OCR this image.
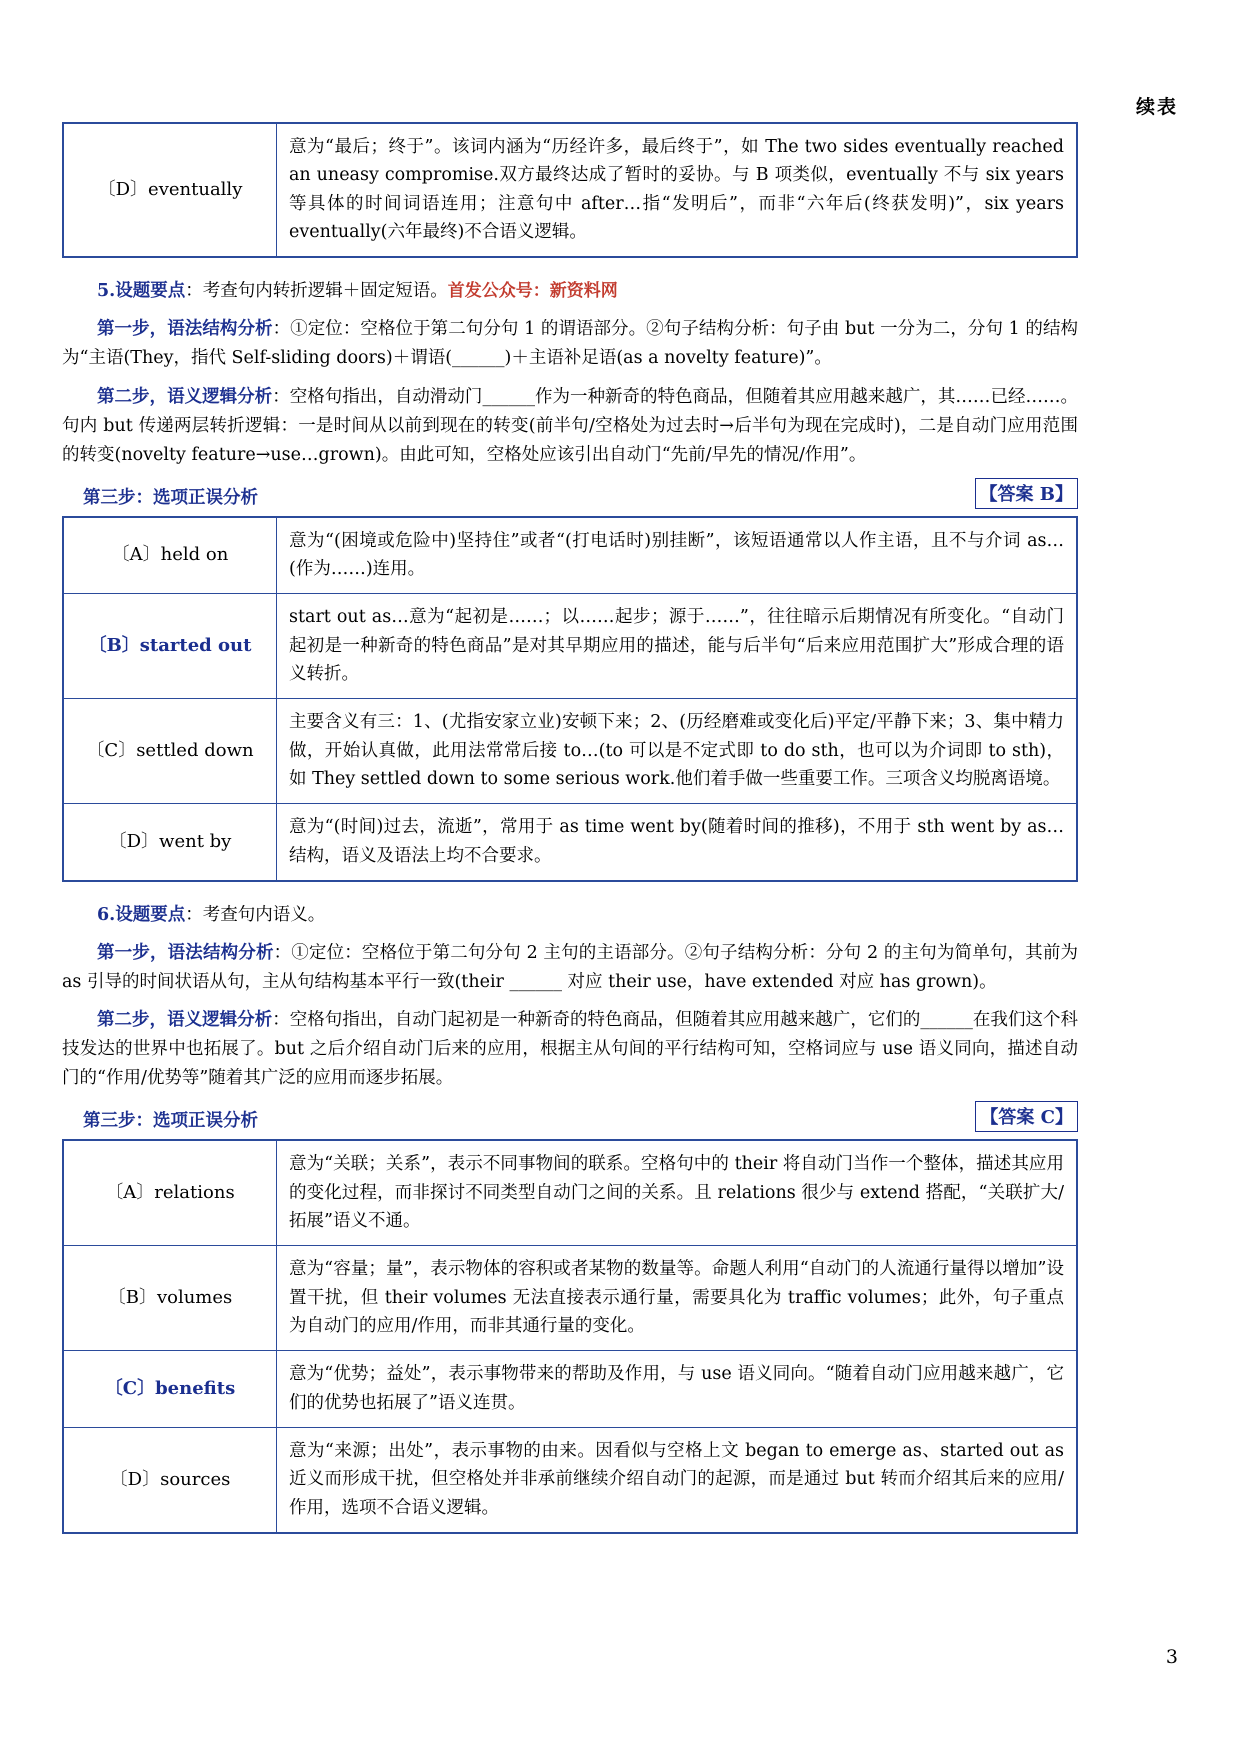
续表
〔D〕eventually	意为“最后；终于”。该词内涵为“历经许多，最后终于”，如 The two sides eventually reached an uneasy compromise.双方最终达成了暂时的妥协。与 B 项类似，eventually 不与 six years 等具体的时间词语连用；注意句中 after…指“发明后”，而非“六年后(终获发明)”，six years eventually(六年最终)不合语义逻辑。
5.设题要点：考查句内转折逻辑＋固定短语。首发公众号：新资料网
第一步，语法结构分析：①定位：空格位于第二句分句 1 的谓语部分。②句子结构分析：句子由 but 一分为二，分句 1 的结构为“主语(They，指代 Self-sliding doors)＋谓语(______)＋主语补足语(as a novelty feature)”。
第二步，语义逻辑分析：空格句指出，自动滑动门______作为一种新奇的特色商品，但随着其应用越来越广，其……已经……。句内 but 传递两层转折逻辑：一是时间从以前到现在的转变(前半句/空格处为过去时→后半句为现在完成时)，二是自动门应用范围的转变(novelty feature→use…grown)。由此可知，空格处应该引出自动门“先前/早先的情况/作用”。
第三步：选项正误分析	【答案 B】
〔A〕held on	意为“(困境或危险中)坚持住”或者“(打电话时)别挂断”，该短语通常以人作主语，且不与介词 as…(作为……)连用。
〔B〕started out	start out as…意为“起初是……；以……起步；源于……”，往往暗示后期情况有所变化。“自动门起初是一种新奇的特色商品”是对其早期应用的描述，能与后半句“后来应用范围扩大”形成合理的语义转折。
〔C〕settled down	主要含义有三：1、(尤指安家立业)安顿下来；2、(历经磨难或变化后)平定/平静下来；3、集中精力做，开始认真做，此用法常常后接 to…(to 可以是不定式即 to do sth，也可以为介词即 to sth)，如 They settled down to some serious work.他们着手做一些重要工作。三项含义均脱离语境。
〔D〕went by	意为“(时间)过去，流逝”，常用于 as time went by(随着时间的推移)，不用于 sth went by as…结构，语义及语法上均不合要求。
6.设题要点：考查句内语义。
第一步，语法结构分析：①定位：空格位于第二句分句 2 主句的主语部分。②句子结构分析：分句 2 的主句为简单句，其前为 as 引导的时间状语从句，主从句结构基本平行一致(their ______ 对应 their use，have extended 对应 has grown)。
第二步，语义逻辑分析：空格句指出，自动门起初是一种新奇的特色商品，但随着其应用越来越广，它们的______在我们这个科技发达的世界中也拓展了。but 之后介绍自动门后来的应用，根据主从句间的平行结构可知，空格词应与 use 语义同向，描述自动门的“作用/优势等”随着其广泛的应用而逐步拓展。
第三步：选项正误分析	【答案 C】
〔A〕relations	意为“关联；关系”，表示不同事物间的联系。空格句中的 their 将自动门当作一个整体，描述其应用的变化过程，而非探讨不同类型自动门之间的关系。且 relations 很少与 extend 搭配，“关联扩大/拓展”语义不通。
〔B〕volumes	意为“容量；量”，表示物体的容积或者某物的数量等。命题人利用“自动门的人流通行量得以增加”设置干扰，但 their volumes 无法直接表示通行量，需要具化为 traffic volumes；此外，句子重点为自动门的应用/作用，而非其通行量的变化。
〔C〕benefits	意为“优势；益处”，表示事物带来的帮助及作用，与 use 语义同向。“随着自动门应用越来越广，它们的优势也拓展了”语义连贯。
〔D〕sources	意为“来源；出处”，表示事物的由来。因看似与空格上文 began to emerge as、started out as 近义而形成干扰，但空格处并非承前继续介绍自动门的起源，而是通过 but 转而介绍其后来的应用/作用，选项不合语义逻辑。
3
